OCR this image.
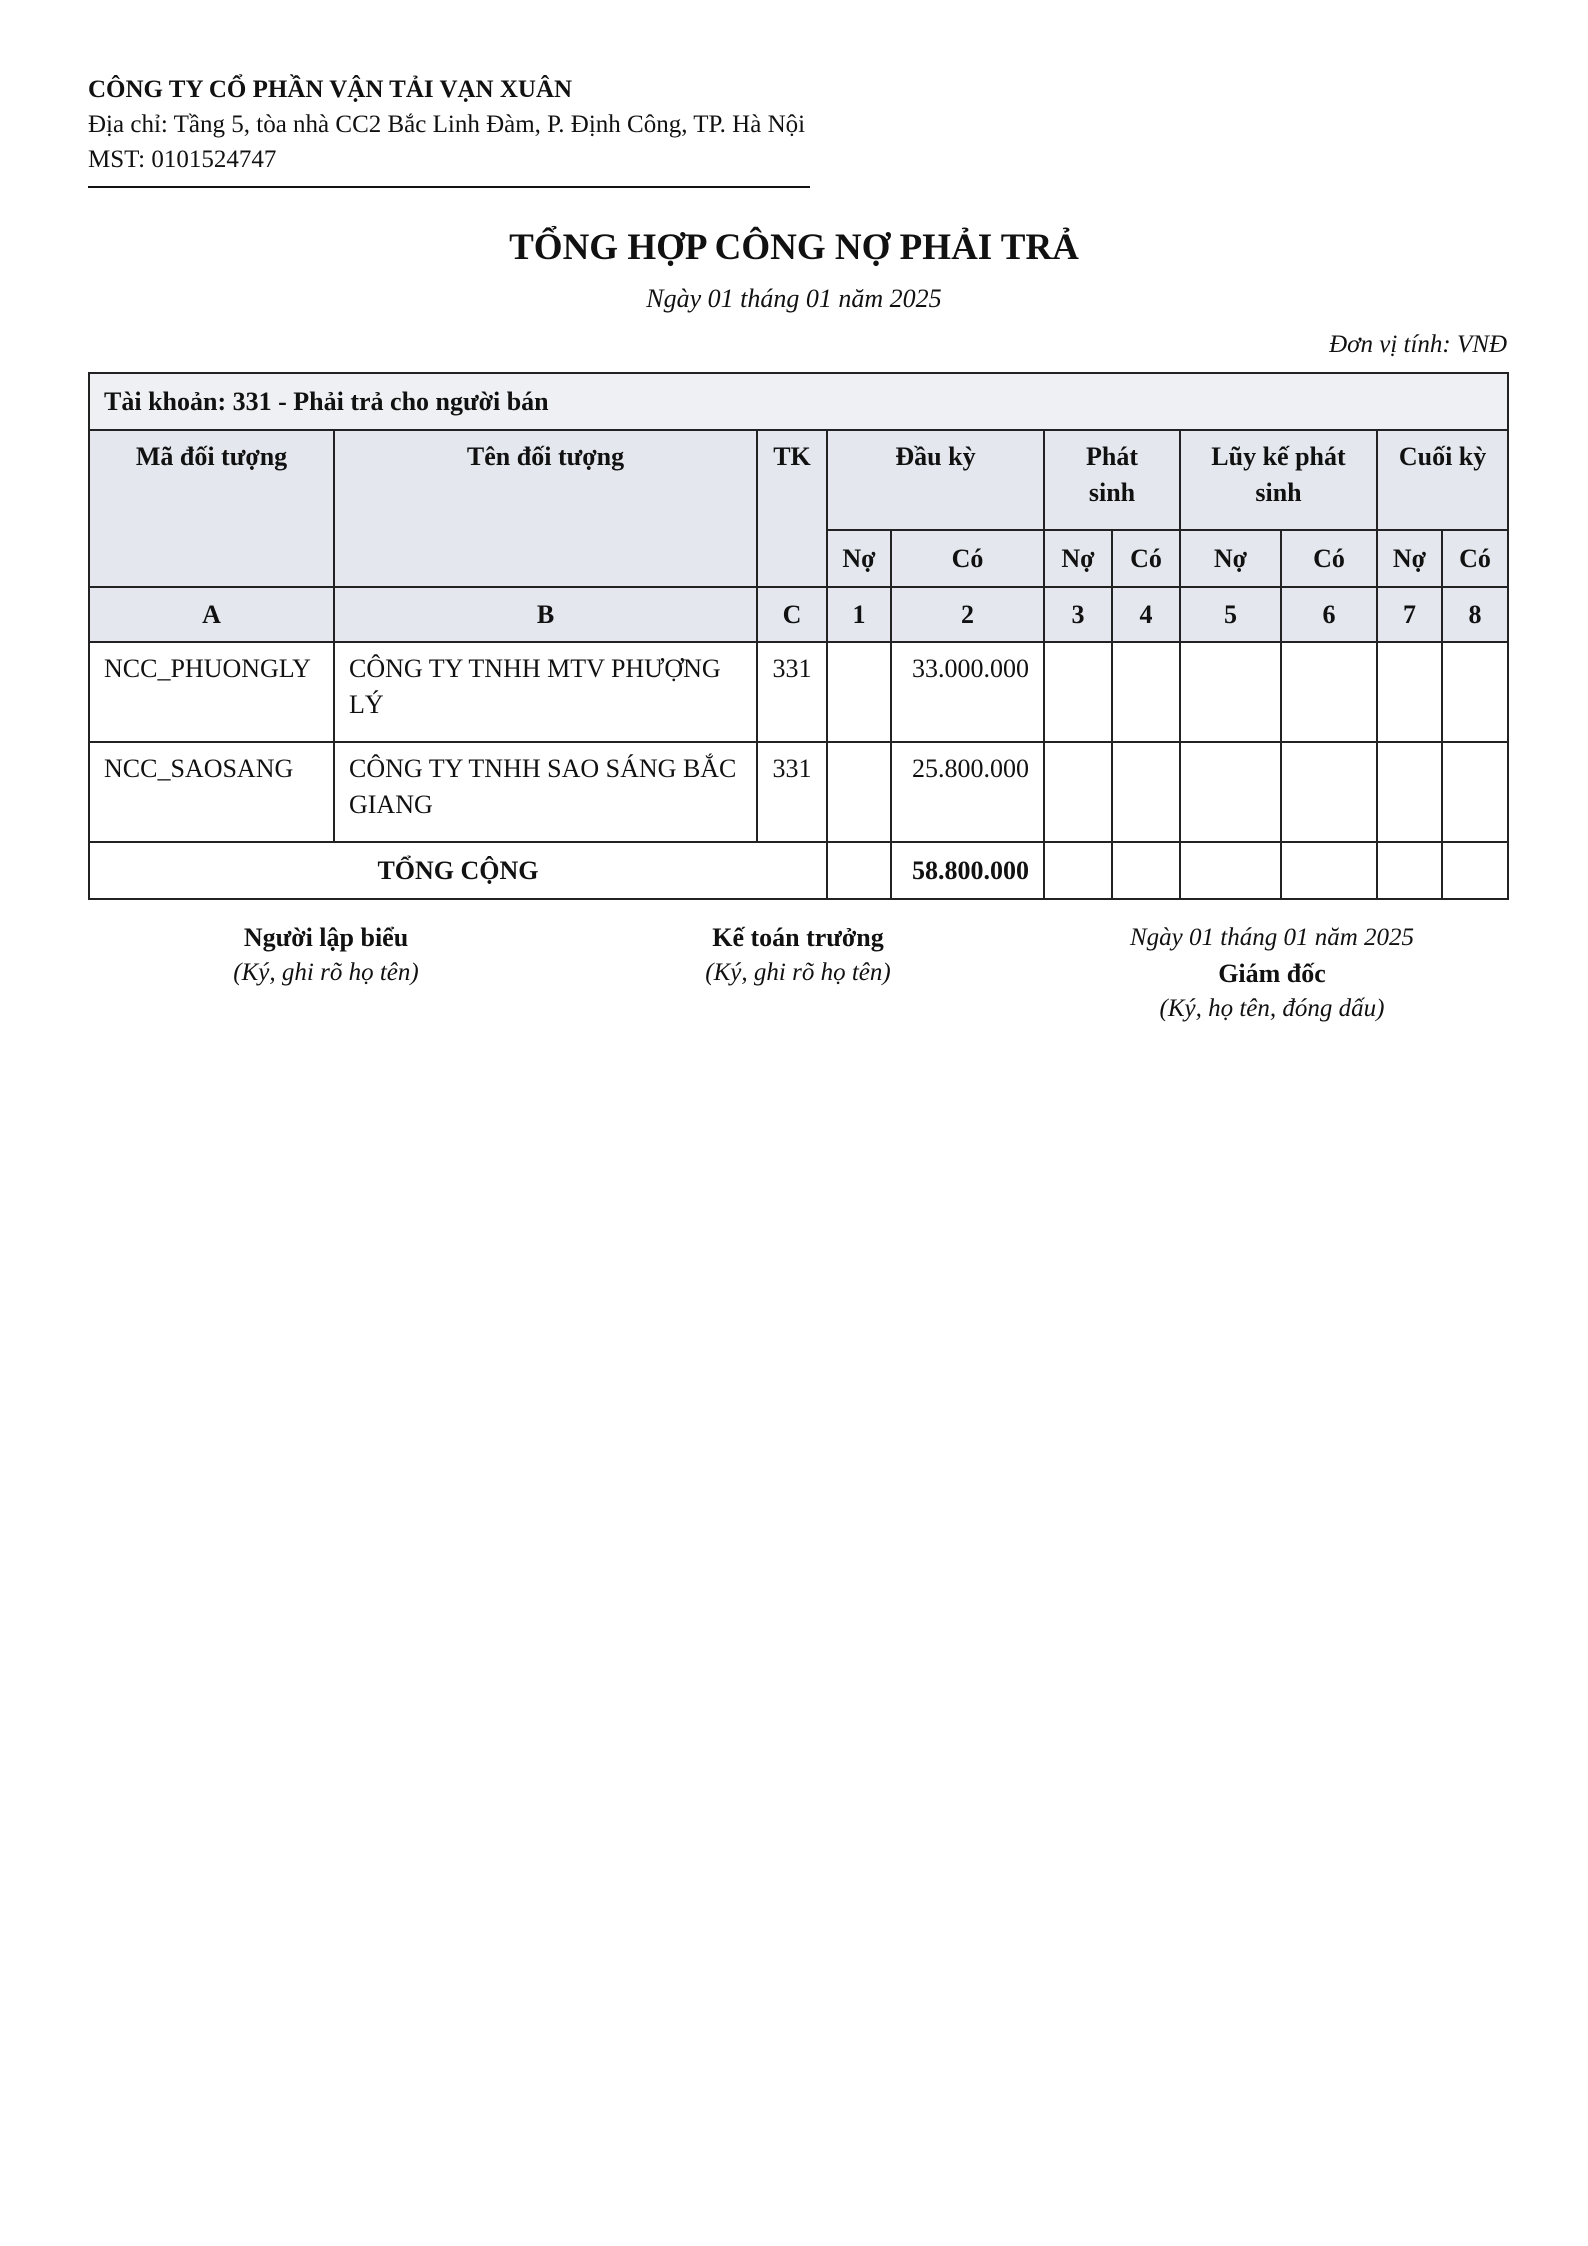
CÔNG TY CỔ PHẦN VẬN TẢI VẠN XUÂN
Địa chỉ: Tầng 5, tòa nhà CC2 Bắc Linh Đàm, P. Định Công, TP. Hà Nội
MST: 0101524747
TỔNG HỢP CÔNG NỢ PHẢI TRẢ
Ngày 01 tháng 01 năm 2025
Đơn vị tính: VNĐ
Tài khoản: 331 - Phải trả cho người bán										
Mã đối tượng	Tên đối tượng	TK	Đầu kỳ		Phát sinh		Lũy kế phát sinh		Cuối kỳ	
			Nợ	Có	Nợ	Có	Nợ	Có	Nợ	Có
A	B	C	1	2	3	4	5	6	7	8
NCC_PHUONGLY	CÔNG TY TNHH MTV PHƯỢNG LÝ	331		33.000.000						
NCC_SAOSANG	CÔNG TY TNHH SAO SÁNG BẮC GIANG	331		25.800.000						
TỔNG CỘNG				58.800.000						
Người lập biểu
(Ký, ghi rõ họ tên)
Kế toán trưởng
(Ký, ghi rõ họ tên)
Ngày 01 tháng 01 năm 2025
Giám đốc
(Ký, họ tên, đóng dấu)
